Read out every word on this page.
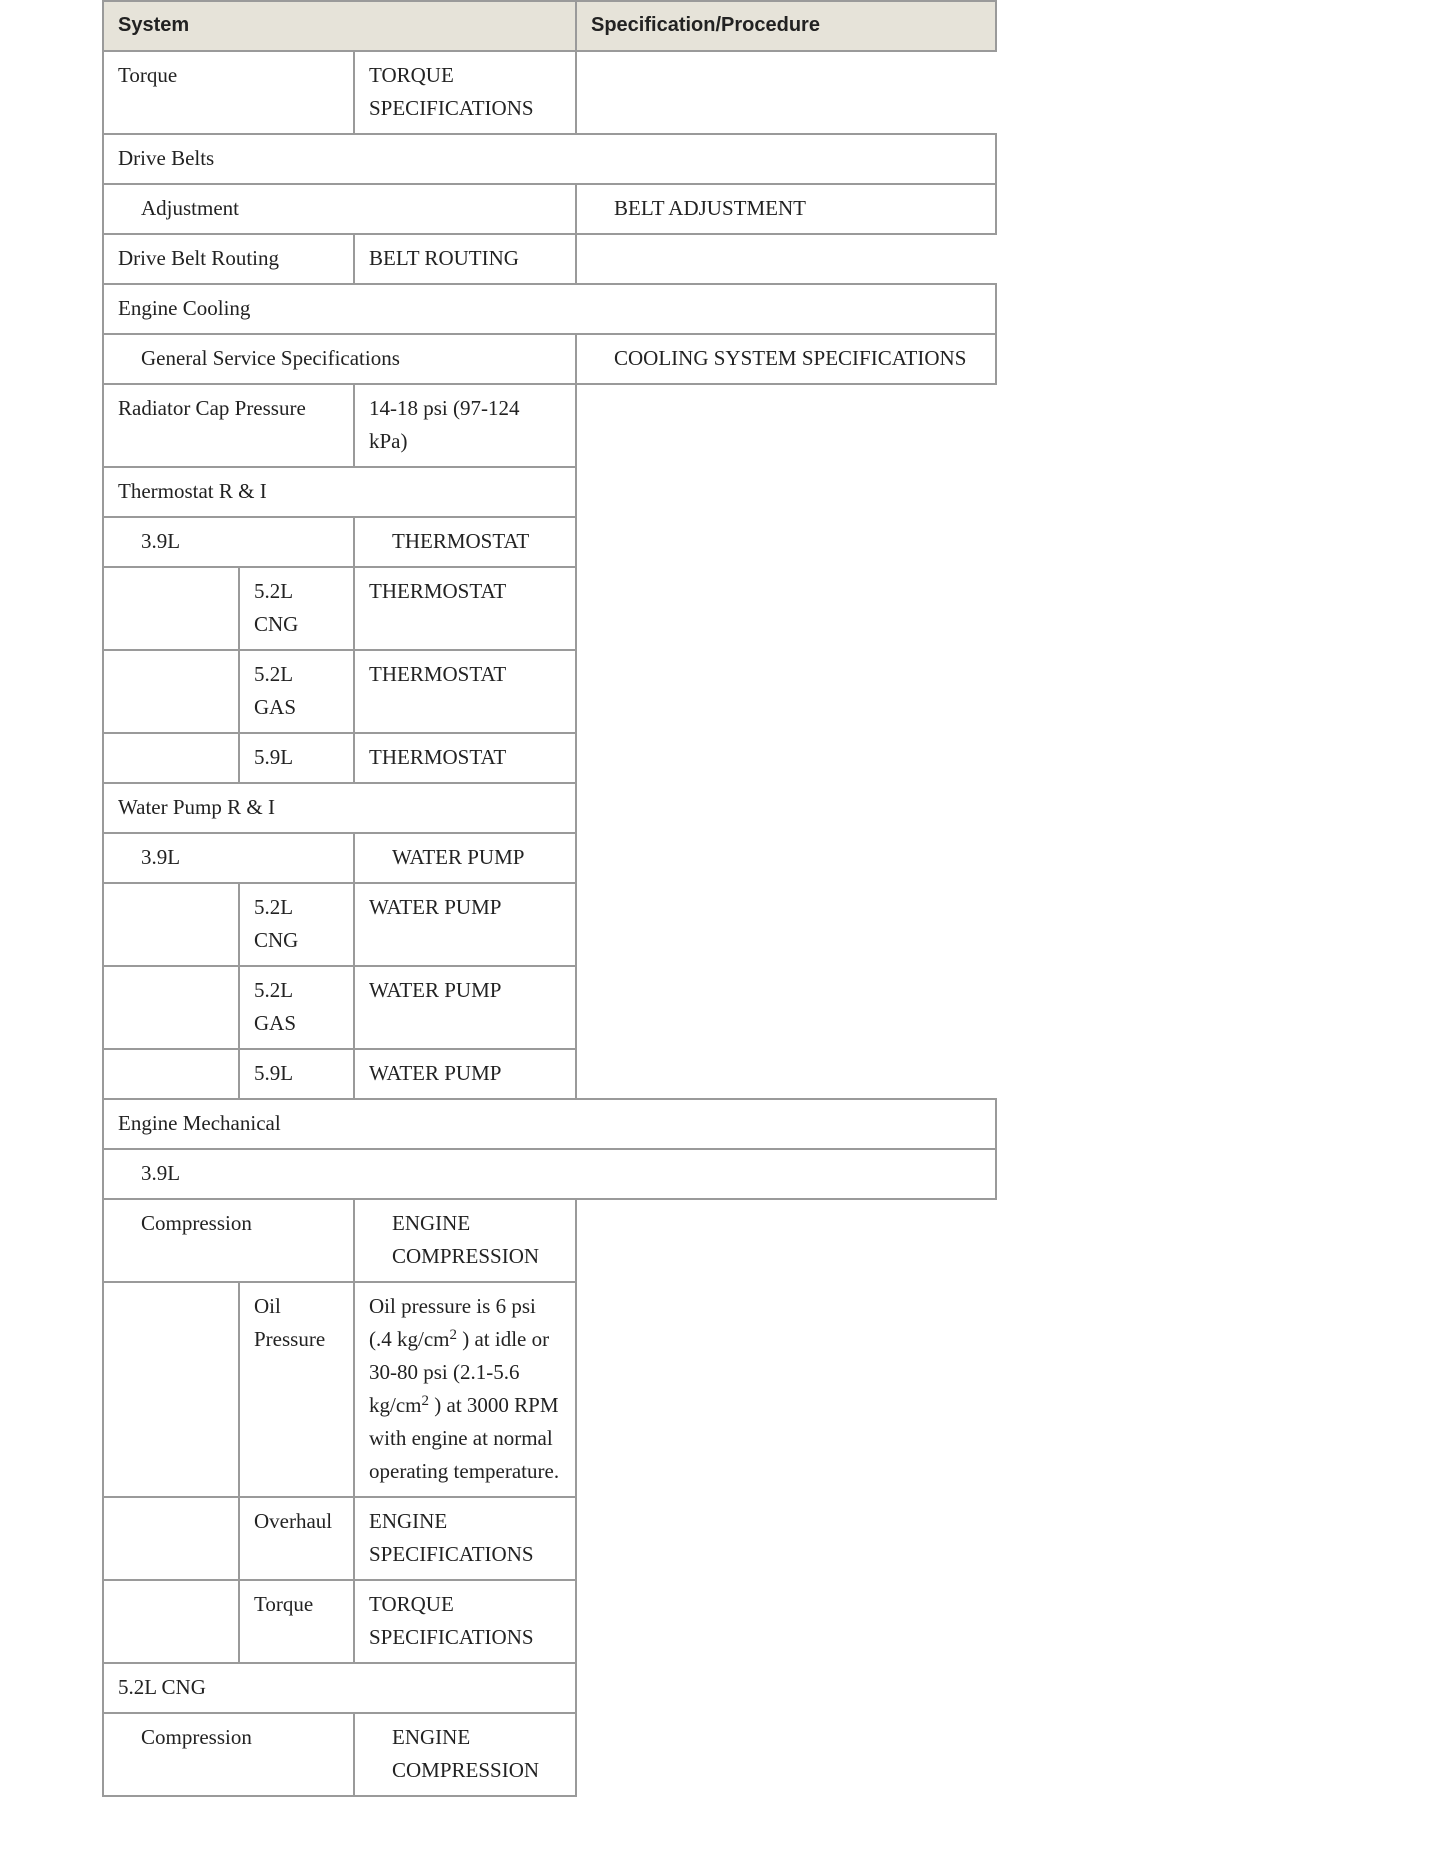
System			Specification/Procedure
Torque		TORQUE SPECIFICATIONS	
Drive Belts			
Adjustment			BELT ADJUSTMENT
Drive Belt Routing		BELT ROUTING	
Engine Cooling			
General Service Specifications			COOLING SYSTEM SPECIFICATIONS
Radiator Cap Pressure		14-18 psi (97-124 kPa)	
Thermostat R & I			
3.9L		THERMOSTAT	
	5.2L CNG	THERMOSTAT	
	5.2L GAS	THERMOSTAT	
	5.9L	THERMOSTAT	
Water Pump R & I			
3.9L		WATER PUMP	
	5.2L CNG	WATER PUMP	
	5.2L GAS	WATER PUMP	
	5.9L	WATER PUMP	
Engine Mechanical			
3.9L			
Compression		ENGINE COMPRESSION	
	Oil Pressure	Oil pressure is 6 psi (.4 $kg/cm^2$ ) at idle or 30-80 psi (2.1-5.6 $kg/cm^2$ ) at 3000 RPM with engine at normal operating temperature.	
	Overhaul	ENGINE SPECIFICATIONS	
	Torque	TORQUE SPECIFICATIONS	
5.2L CNG			
Compression		ENGINE COMPRESSION	
